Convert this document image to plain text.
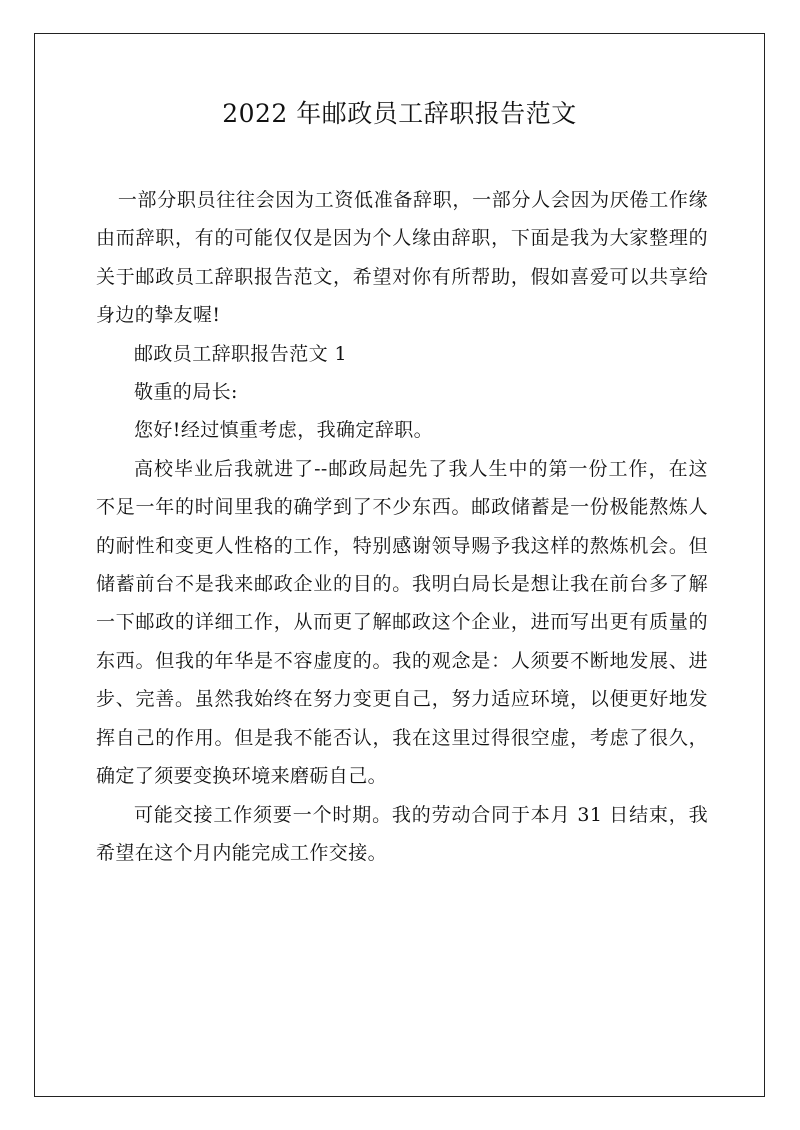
2022 年邮政员工辞职报告范文

一部分职员往往会因为工资低准备辞职，一部分人会因为厌倦工作缘由而辞职，有的可能仅仅是因为个人缘由辞职，下面是我为大家整理的关于邮政员工辞职报告范文，希望对你有所帮助，假如喜爱可以共享给身边的挚友喔!

邮政员工辞职报告范文 1

敬重的局长:

您好!经过慎重考虑，我确定辞职。

高校毕业后我就进了--邮政局起先了我人生中的第一份工作，在这不足一年的时间里我的确学到了不少东西。邮政储蓄是一份极能熬炼人的耐性和变更人性格的工作，特别感谢领导赐予我这样的熬炼机会。但储蓄前台不是我来邮政企业的目的。我明白局长是想让我在前台多了解一下邮政的详细工作，从而更了解邮政这个企业，进而写出更有质量的东西。但我的年华是不容虚度的。我的观念是：人须要不断地发展、进步、完善。虽然我始终在努力变更自己，努力适应环境，以便更好地发挥自己的作用。但是我不能否认，我在这里过得很空虚，考虑了很久，确定了须要变换环境来磨砺自己。

可能交接工作须要一个时期。我的劳动合同于本月 31 日结束，我希望在这个月内能完成工作交接。
